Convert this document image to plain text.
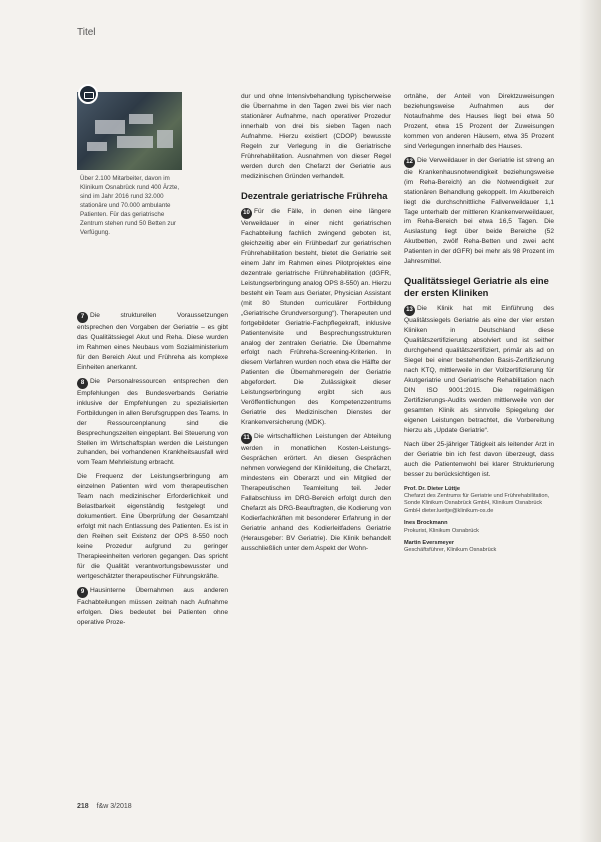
Titel
Über 2.100 Mitarbeiter, davon im Klinikum Osnabrück rund 400 Ärzte, sind im Jahr 2016 rund 32.000 stationäre und 70.000 ambulante Patienten. Für das geriatrische Zentrum stehen rund 50 Betten zur Verfügung.

7 Die strukturellen Voraussetzungen entsprechen den Vorgaben der Geriatrie – es gibt das Qualitätssiegel Akut und Reha. Diese wurden im Rahmen eines Neubaus vom Sozialministerium für den Bereich Akut und Frühreha als komplexe Einheiten anerkannt.

8 Die Personalressourcen entsprechen den Empfehlungen des Bundesverbands Geriatrie inklusive der Empfehlungen zu spezialisierten Fortbildungen in allen Berufsgruppen des Teams. In der Ressourcenplanung sind die Besprechungszeiten eingeplant. Bei Steuerung von Stellen im Wirtschaftsplan werden die Leistungen zuhanden, bei vorhandenen Krankheitsausfall wird vom Team Mehrleistung erbracht.

Die Frequenz der Leistungserbringung am einzelnen Patienten wird vom therapeutischen Team nach medizinischer Erforderlichkeit und Belastbarkeit eigenständig festgelegt und dokumentiert. Eine Überprüfung der Gesamtzahl erfolgt mit nach Entlassung des Patienten. Es ist in den Reihen seit Existenz der OPS 8-550 noch keine Prozedur aufgrund zu geringer Therapieeinheiten verloren gegangen. Das spricht für die Qualität verantwortungsbewusster und wertgeschätzter therapeutischer Führungskräfte.

9 Hausinterne Übernahmen aus anderen Fachabteilungen müssen zeitnah nach Aufnahme erfolgen. Dies bedeutet bei Patienten ohne operative Proze-

dur und ohne Intensivbehandlung typischerweise die Übernahme in den Tagen zwei bis vier nach stationärer Aufnahme, nach operativer Prozedur innerhalb von drei bis sieben Tagen nach Aufnahme. Hierzu existiert (CDOP) bewusste Regeln zur Verlegung in die Geriatrische Frührehabilitation. Ausnahmen von dieser Regel werden durch den Chefarzt der Geriatrie aus medizinischen Gründen verhandelt.

Dezentrale geriatrische Frühreha

10 Für die Fälle, in denen eine längere Verweildauer in einer nicht geriatrischen Fachabteilung fachlich zwingend geboten ist, gleichzeitig aber ein Frühbedarf zur geriatrischen Frührehabilitation besteht, bietet die Geriatrie seit einem Jahr im Rahmen eines Pilotprojektes eine dezentrale geriatrische Frührehabilitation (dGFR, Leistungserbringung analog OPS 8-550) an. Hierzu besteht ein Team aus Geriater, Physician Assistant (mit 80 Stunden curriculärer Fortbildung „Geriatrische Grundversorgung“). Therapeuten und fortgebildeter Geriatrie-Fachpflegekraft, inklusive Patientenvisite und Besprechungsstrukturen analog der zentralen Geriatrie. Die Übernahme erfolgt nach Frühreha-Screening-Kriterien. In diesem Verfahren wurden noch etwa die Hälfte der Patienten die Übernahmeregeln der Geriatrie abgefordert. Die Zulässigkeit dieser Leistungserbringung ergibt sich aus Veröffentlichungen des Kompetenzzentrums Geriatrie des Medizinischen Dienstes der Krankenversicherung (MDK).

11 Die wirtschaftlichen Leistungen der Abteilung werden in monatlichen Kosten-Leistungs-Gesprächen erörtert. An diesen Gesprächen nehmen vorwiegend der Klinikleitung, die Chefarzt, mindestens ein Oberarzt und ein Mitglied der Therapeutischen Teamleitung teil. Jeder Fallabschluss im DRG-Bereich erfolgt durch den Chefarzt als DRG-Beauftragten, die Kodierung von Kodierfachkräften mit besonderer Erfahrung in der Geriatrie anhand des Kodierleitfadens Geriatrie (Herausgeber: BV Geriatrie). Die Klinik behandelt ausschließlich unter dem Aspekt der Wohn-

ortnähe, der Anteil von Direktzuweisungen beziehungsweise Aufnahmen aus der Notaufnahme des Hauses liegt bei etwa 50 Prozent, etwa 15 Prozent der Zuweisungen kommen von anderen Häusern, etwa 35 Prozent sind Verlegungen innerhalb des Hauses.

12 Die Verweildauer in der Geriatrie ist streng an die Krankenhausnotwendigkeit beziehungsweise (im Reha-Bereich) an die Notwendigkeit zur stationären Behandlung gekoppelt. Im Akutbereich liegt die durchschnittliche Fallverweildauer 1,1 Tage unterhalb der mittleren Krankenverweildauer, im Reha-Bereich bei etwa 16,5 Tagen. Die Auslastung liegt über beide Bereiche (52 Akutbetten, zwölf Reha-Betten und zwei acht Patienten in der dGFR) bei mehr als 98 Prozent im Jahresmittel.

Qualitätssiegel Geriatrie als eine der ersten Kliniken

13 Die Klinik hat mit Einführung des Qualitätssiegels Geriatrie als eine der vier ersten Kliniken in Deutschland diese Qualitätszertifizierung absolviert und ist seither durchgehend qualitätszertifiziert, primär als ad on Siegel bei einer bestehenden Basis-Zertifizierung nach KTQ, mittlerweile in der Vollzertifizierung für Akutgeriatrie und Geriatrische Rehabilitation nach DIN ISO 9001:2015. Die regelmäßigen Zertifizierungs-Audits werden mittlerweile von der gesamten Klinik als sinnvolle Spiegelung der eigenen Leistungen betrachtet, die Vorbereitung hierzu als „Update Geriatrie“.

Nach über 25-jähriger Tätigkeit als leitender Arzt in der Geriatrie bin ich fest davon überzeugt, dass auch die Patientenwohl bei klarer Strukturierung besser zu berücksichtigen ist.

Prof. Dr. Dieter Lüttje
Chefarzt des Zentrums für Geriatrie und Frührehabilitation, Sonde Klinikum Osnabrück GmbH, Klinikum Osnabrück GmbH dieter.luettje@klinikum-os.de
Ines Brockmann
Prokurist, Klinikum Osnabrück
Martin Eversmeyer
Geschäftsführer, Klinikum Osnabrück
218 f&w 3/2018
